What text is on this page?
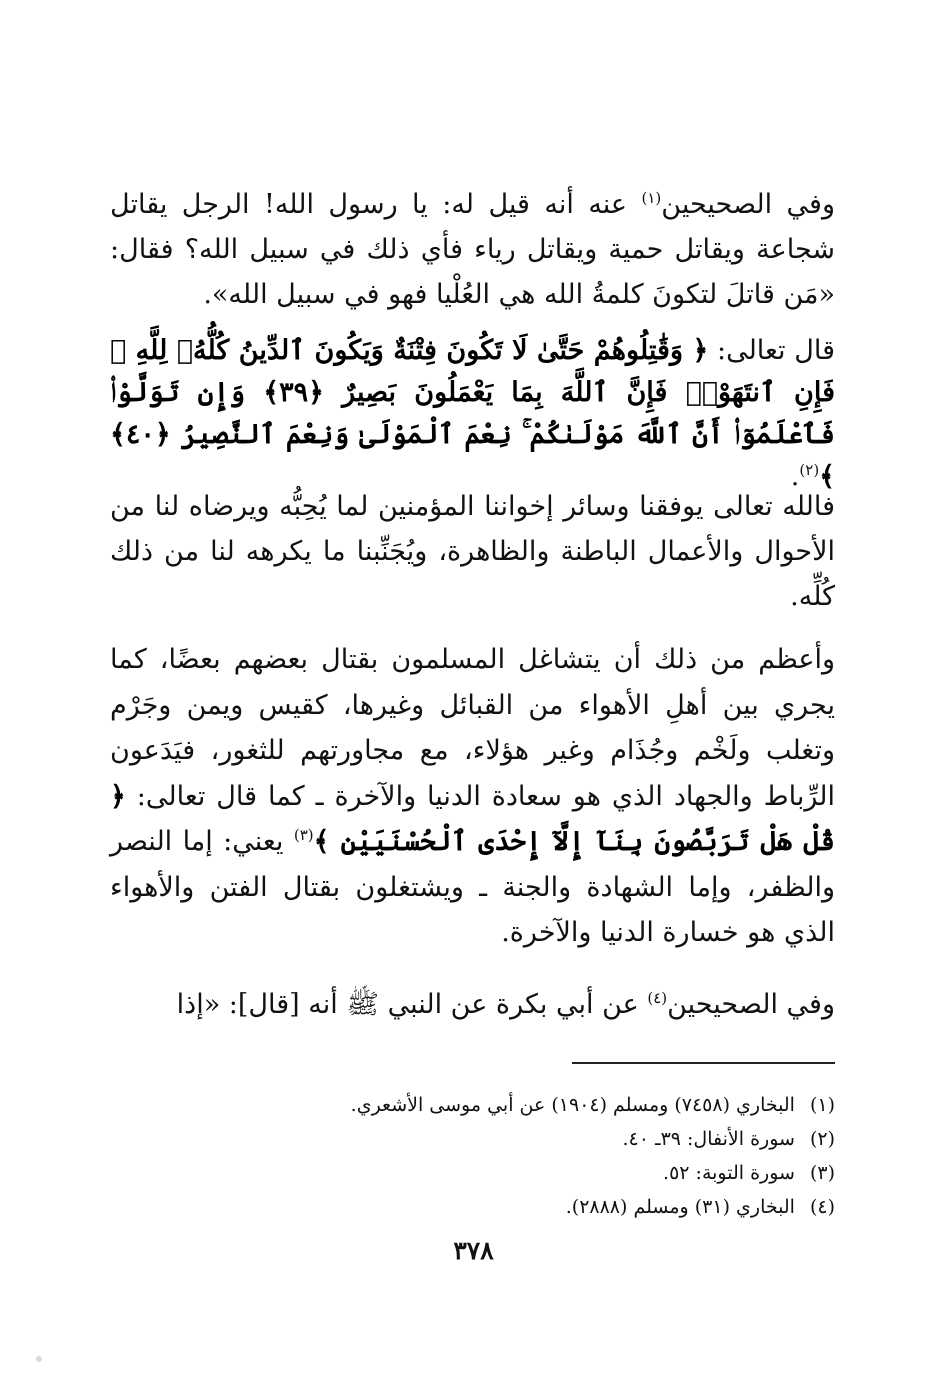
وفي الصحيحين$^{(١)}$ عنه أنه قيل له: يا رسول الله! الرجل يقاتل شجاعة ويقاتل حمية ويقاتل رياء فأي ذلك في سبيل الله؟ فقال: «مَن قاتلَ لتكونَ كلمةُ الله هي العُلْيا فهو في سبيل الله».
قال تعالى: ﴿ وَقَٰتِلُوهُمْ حَتَّىٰ لَا تَكُونَ فِتْنَةٌ وَيَكُونَ ٱلدِّينُ كُلُّهُۥ لِلَّهِ ۚ فَإِنِ ٱنتَهَوْا۟ فَإِنَّ ٱللَّهَ بِمَا يَعْمَلُونَ بَصِيرٌ ﴿٣٩﴾ وَإِن تَوَلَّوْا۟ فَٱعْلَمُوٓا۟ أَنَّ ٱللَّهَ مَوْلَىٰكُمْ ۚ نِعْمَ ٱلْمَوْلَىٰ وَنِعْمَ ٱلنَّصِيرُ ﴿٤٠﴾ ﴾$^{(٢)}$.
فالله تعالى يوفقنا وسائر إخواننا المؤمنين لما يُحِبُّه ويرضاه لنا من الأحوال والأعمال الباطنة والظاهرة، ويُجَنِّبنا ما يكرهه لنا من ذلك كُلِّه.
وأعظم من ذلك أن يتشاغل المسلمون بقتال بعضهم بعضًا، كما يجري بين أهلِ الأهواء من القبائل وغيرها، كقيس ويمن وجَرْم وتغلب ولَخْم وجُذَام وغير هؤلاء، مع مجاورتهم للثغور، فيَدَعون الرِّباط والجهاد الذي هو سعادة الدنيا والآخرة ـ كما قال تعالى: ﴿ قُلْ هَلْ تَرَبَّصُونَ بِنَآ إِلَّآ إِحْدَى ٱلْحُسْنَيَيْنِ ﴾$^{(٣)}$ يعني: إما النصر والظفر، وإما الشهادة والجنة ـ ويشتغلون بقتال الفتن والأهواء الذي هو خسارة الدنيا والآخرة.
وفي الصحيحين$^{(٤)}$ عن أبي بكرة عن النبي ﷺ أنه [قال]: «إذا
(١) البخاري (٧٤٥٨) ومسلم (١٩٠٤) عن أبي موسى الأشعري.
(٢) سورة الأنفال: ٣٩ـ ٤٠.
(٣) سورة التوبة: ٥٢.
(٤) البخاري (٣١) ومسلم (٢٨٨٨).
٣٧٨
